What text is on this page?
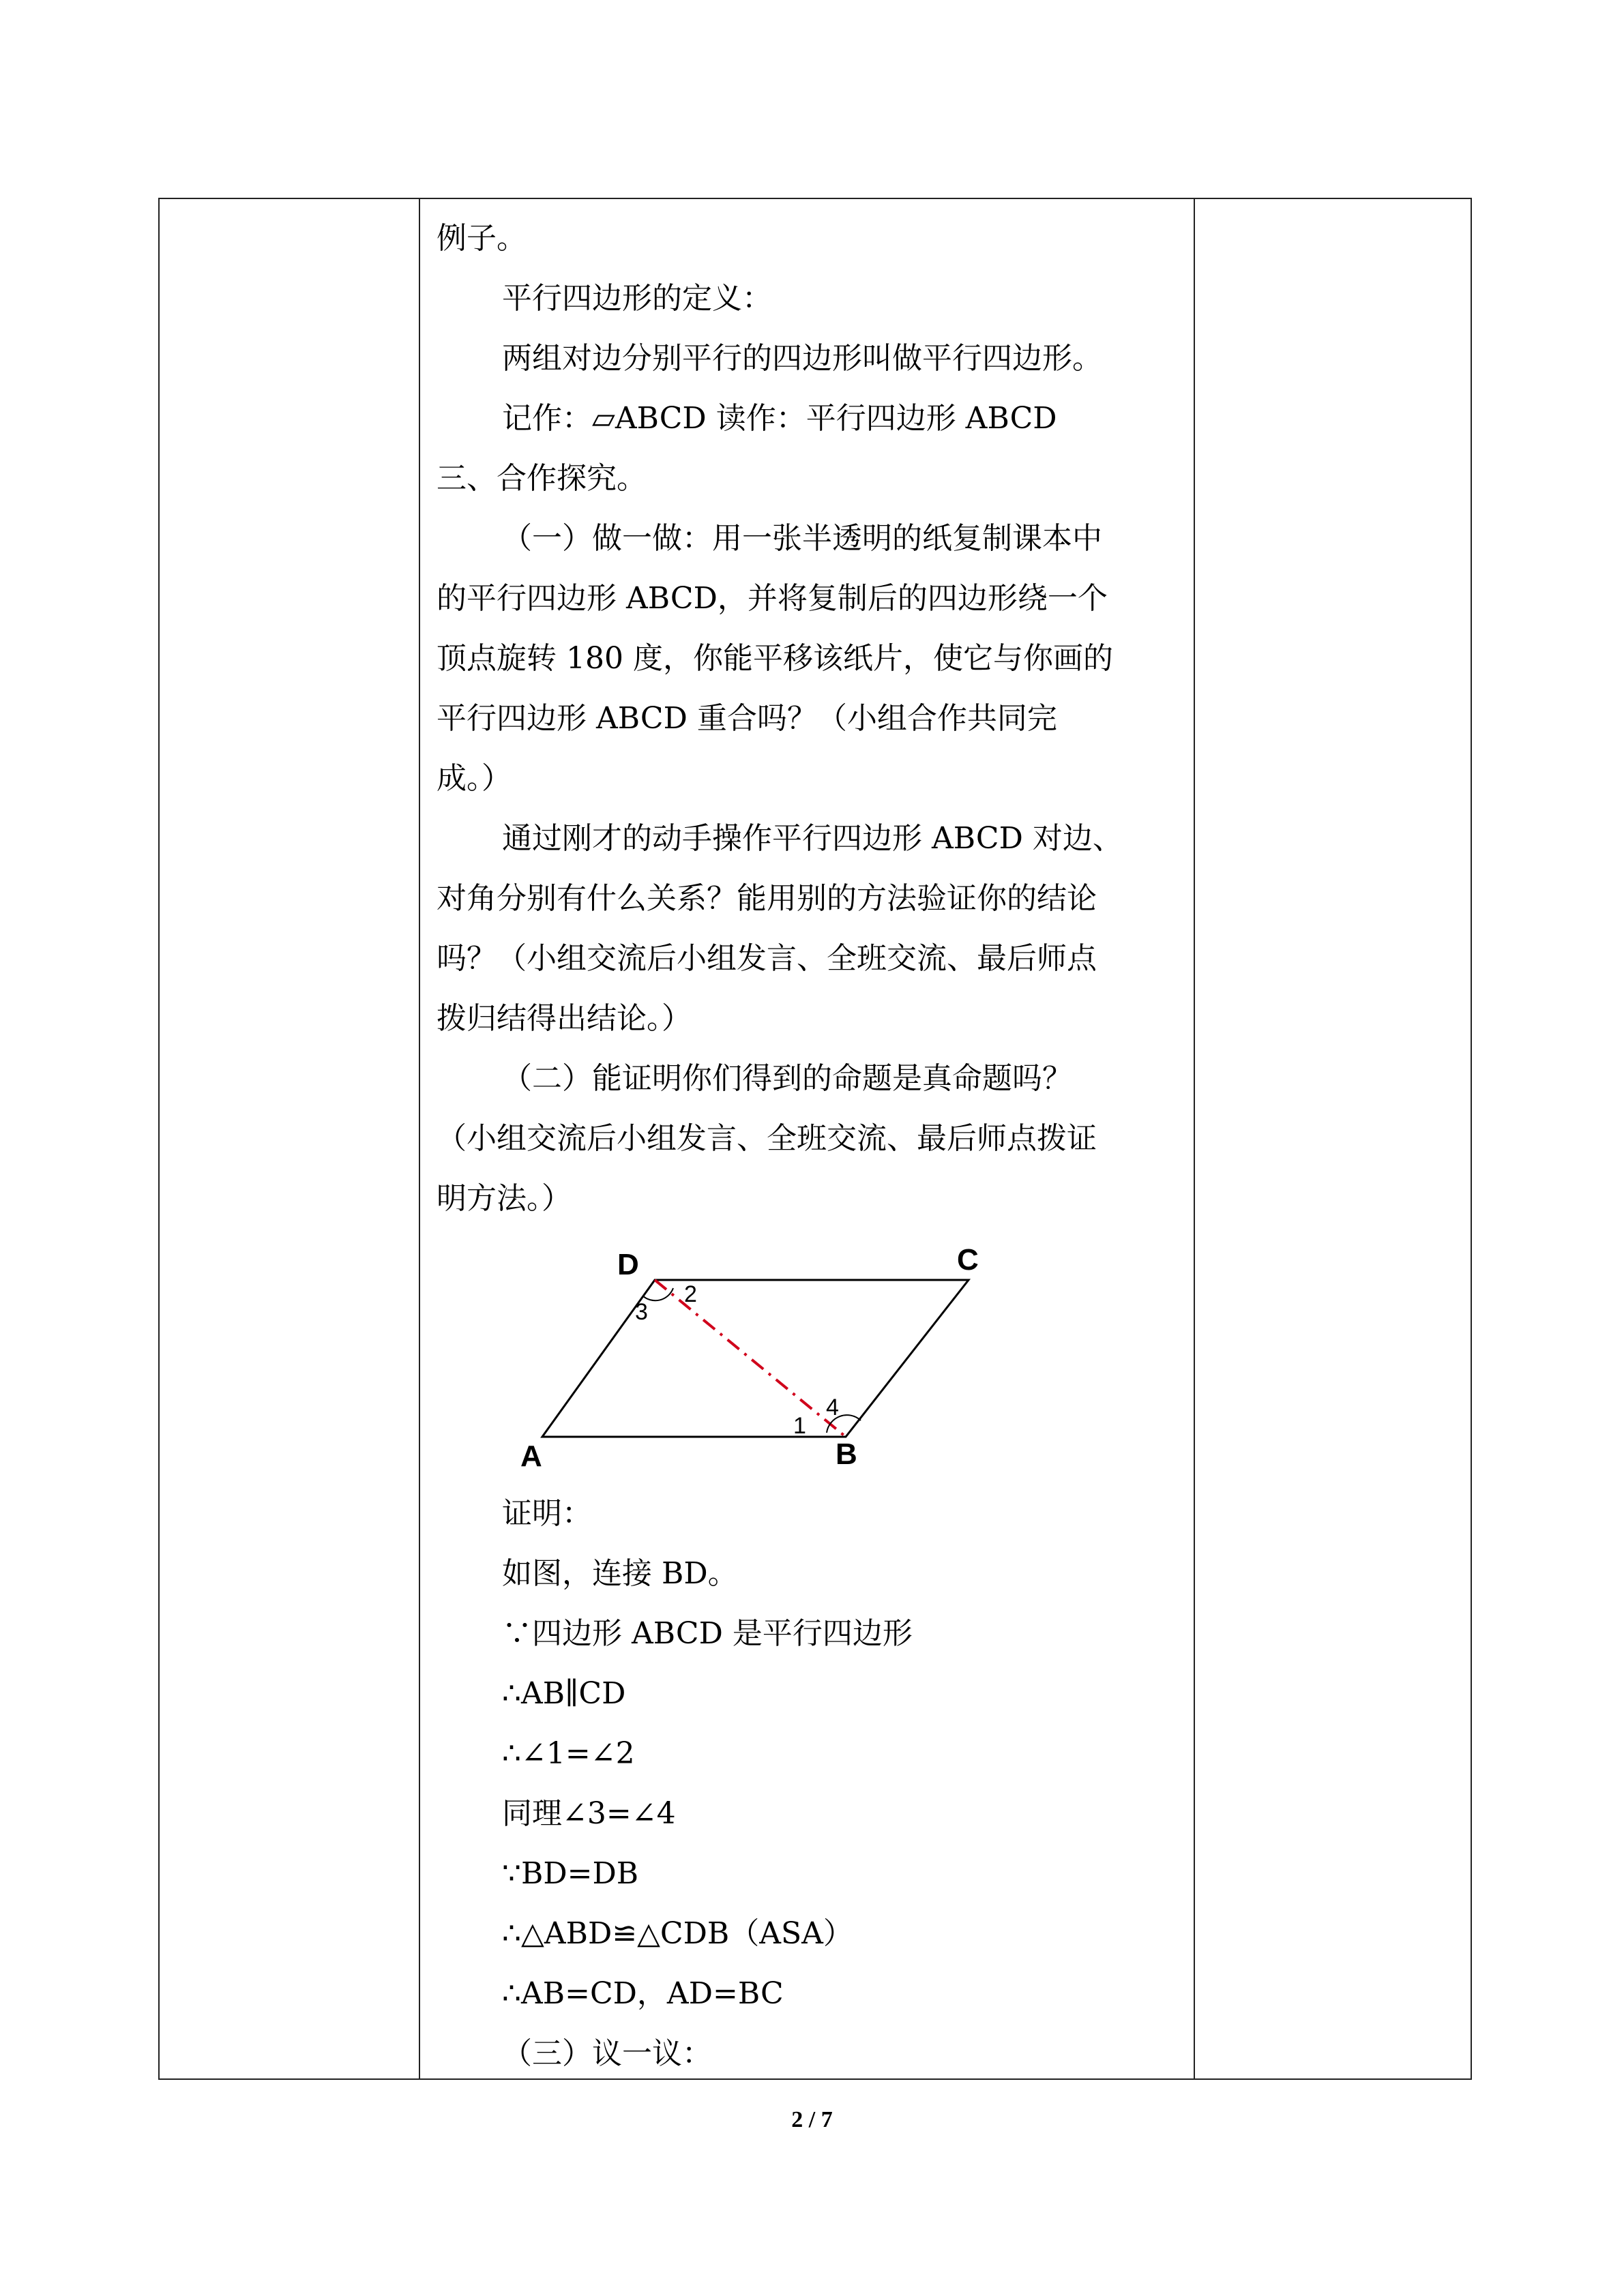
例子。
平行四边形的定义：
两组对边分别平行的四边形叫做平行四边形。
记作：▱ABCD 读作：平行四边形 ABCD
三、合作探究。
（一）做一做：用一张半透明的纸复制课本中
的平行四边形 ABCD，并将复制后的四边形绕一个
顶点旋转 180 度，你能平移该纸片，使它与你画的
平行四边形 ABCD 重合吗？（小组合作共同完
成。）
通过刚才的动手操作平行四边形 ABCD 对边、
对角分别有什么关系？能用别的方法验证你的结论
吗？（小组交流后小组发言、全班交流、最后师点
拨归结得出结论。）
（二）能证明你们得到的命题是真命题吗？
（小组交流后小组发言、全班交流、最后师点拨证
明方法。）
D	C
A	B
2
3
4
1
证明：
如图，连接 BD。
∵四边形 ABCD 是平行四边形
∴AB∥CD
∴∠1=∠2
同理∠3=∠4
∵BD=DB
∴△ABD≌△CDB（ASA）
∴AB=CD，AD=BC
（三）议一议：
2 / 7
